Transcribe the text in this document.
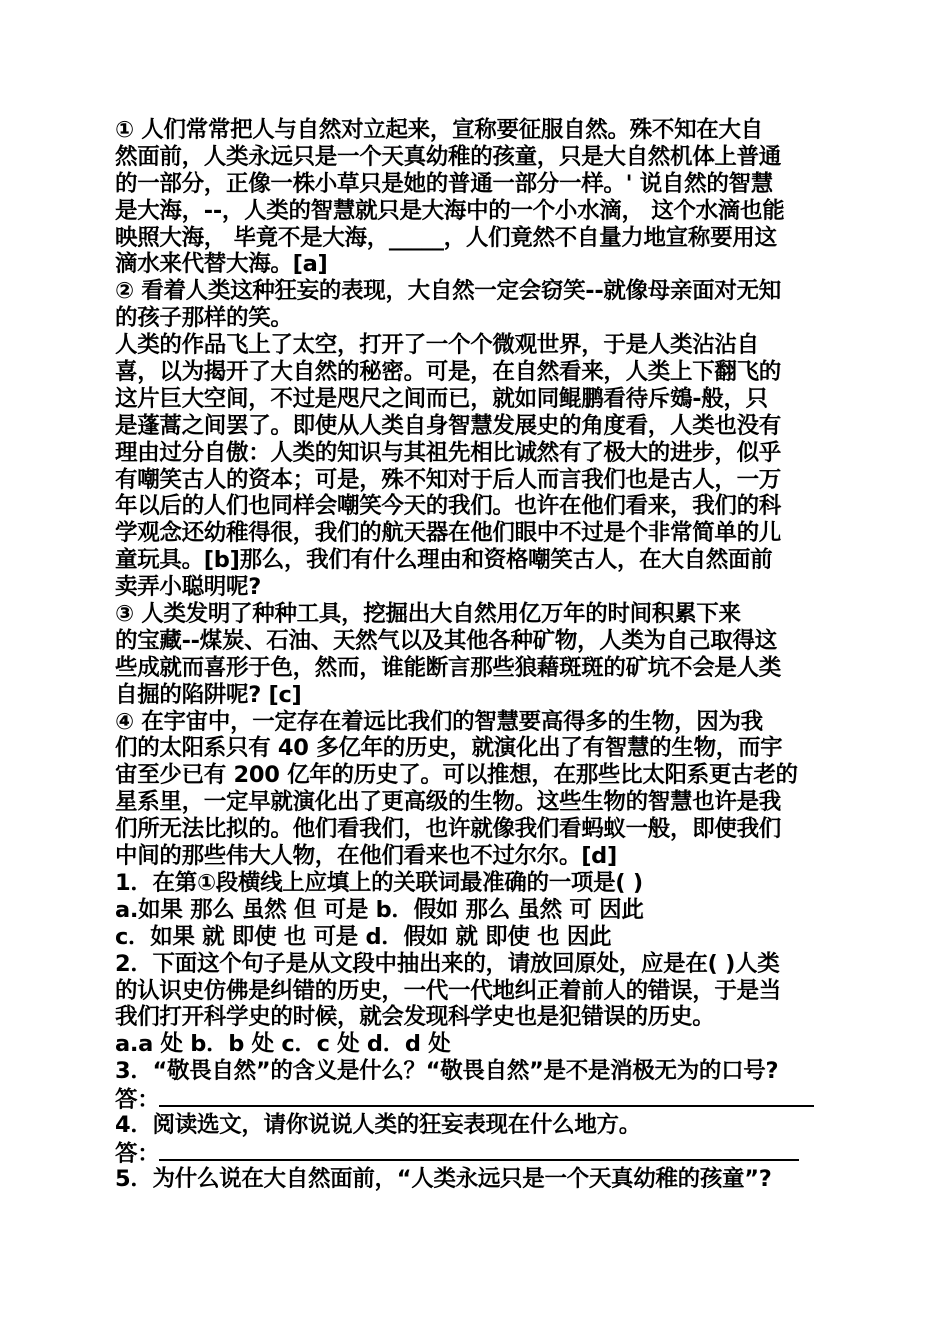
① 人们常常把人与自然对立起来，宣称要征服自然。殊不知在大自
然面前，人类永远只是一个天真幼稚的孩童，只是大自然机体上普通
的一部分，正像一株小草只是她的普通一部分一样。' 说自然的智慧
是大海，--，人类的智慧就只是大海中的一个小水滴， 这个水滴也能
映照大海， 毕竟不是大海，_____，人们竟然不自量力地宣称要用这
滴水来代替大海。[a]
② 看着人类这种狂妄的表现，大自然一定会窃笑--就像母亲面对无知
的孩子那样的笑。
人类的作品飞上了太空，打开了一个个微观世界，于是人类沾沾自
喜，以为揭开了大自然的秘密。可是，在自然看来，人类上下翻飞的
这片巨大空间，不过是咫尺之间而已，就如同鲲鹏看待斥鴳-般，只
是蓬蒿之间罢了。即使从人类自身智慧发展史的角度看，人类也没有
理由过分自傲：人类的知识与其祖先相比诚然有了极大的进步，似乎
有嘲笑古人的资本；可是，殊不知对于后人而言我们也是古人，一万
年以后的人们也同样会嘲笑今天的我们。也许在他们看来，我们的科
学观念还幼稚得很，我们的航天器在他们眼中不过是个非常简单的儿
童玩具。[b]那么，我们有什么理由和资格嘲笑古人，在大自然面前
卖弄小聪明呢?
③ 人类发明了种种工具，挖掘出大自然用亿万年的时间积累下来
的宝藏--煤炭、石油、天然气以及其他各种矿物，人类为自己取得这
些成就而喜形于色，然而，谁能断言那些狼藉斑斑的矿坑不会是人类
自掘的陷阱呢? [c]
④ 在宇宙中，一定存在着远比我们的智慧要高得多的生物，因为我
们的太阳系只有 40 多亿年的历史，就演化出了有智慧的生物，而宇
宙至少已有 200 亿年的历史了。可以推想，在那些比太阳系更古老的
星系里，一定早就演化出了更高级的生物。这些生物的智慧也许是我
们所无法比拟的。他们看我们，也许就像我们看蚂蚁一般，即使我们
中间的那些伟大人物，在他们看来也不过尔尔。[d]
1．在第①段横线上应填上的关联词最准确的一项是( )
a.如果 那么 虽然 但 可是 b．假如 那么 虽然 可 因此
c．如果 就 即使 也 可是 d．假如 就 即使 也 因此
2．下面这个句子是从文段中抽出来的，请放回原处，应是在( )人类
的认识史仿佛是纠错的历史，一代一代地纠正着前人的错误，于是当
我们打开科学史的时候，就会发现科学史也是犯错误的历史。
a.a 处 b．b 处 c．c 处 d．d 处
3．“敬畏自然”的含义是什么？“敬畏自然”是不是消极无为的口号?
答：
4．阅读选文，请你说说人类的狂妄表现在什么地方。
答：
5．为什么说在大自然面前，“人类永远只是一个天真幼稚的孩童”?
